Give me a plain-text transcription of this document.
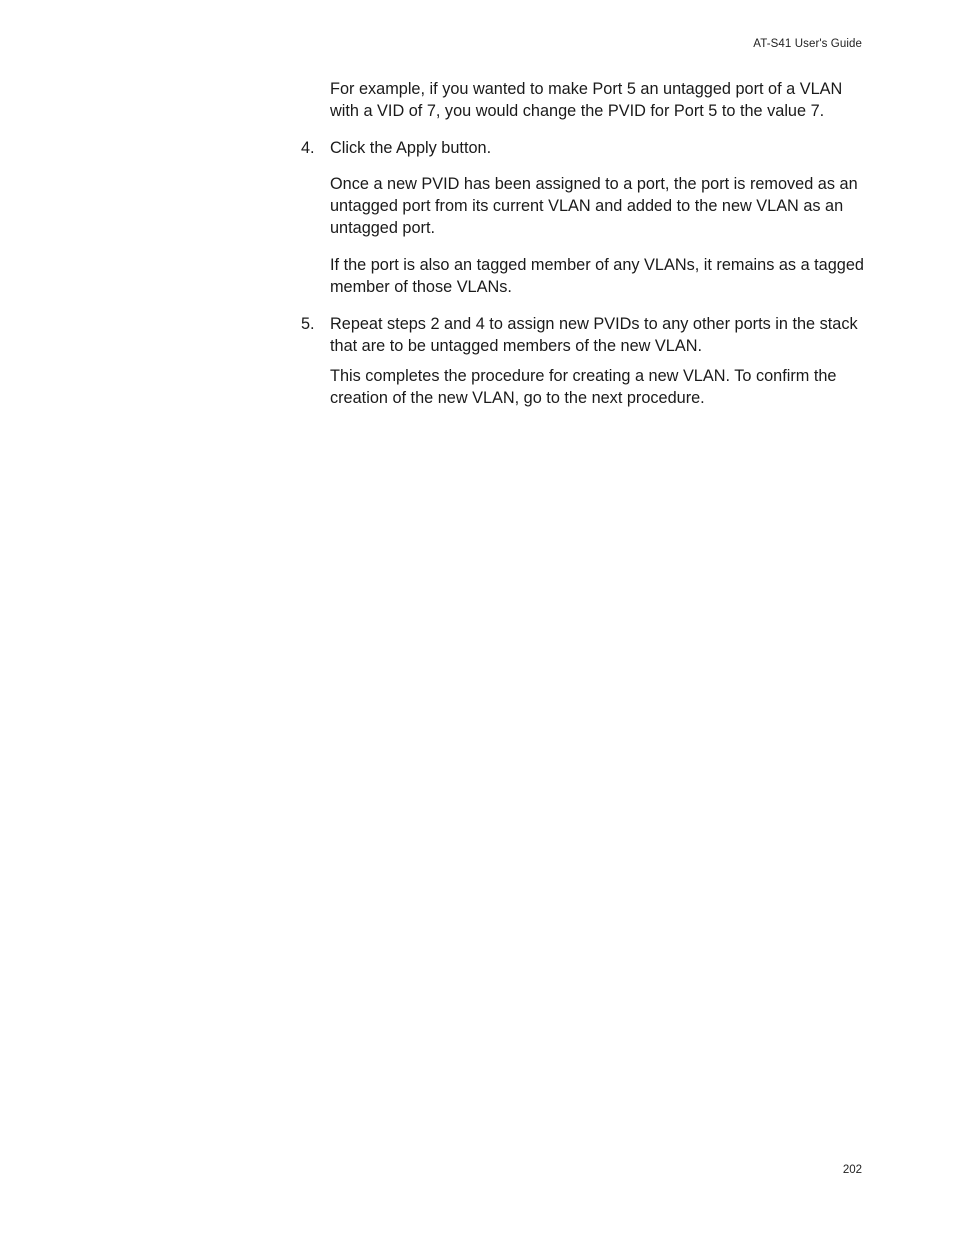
AT-S41 User's Guide

For example, if you wanted to make Port 5 an untagged port of a VLAN with a VID of 7, you would change the PVID for Port 5 to the value 7.

4. Click the Apply button.

Once a new PVID has been assigned to a port, the port is removed as an untagged port from its current VLAN and added to the new VLAN as an untagged port.

If the port is also an tagged member of any VLANs, it remains as a tagged member of those VLANs.

5. Repeat steps 2 and 4 to assign new PVIDs to any other ports in the stack that are to be untagged members of the new VLAN.

This completes the procedure for creating a new VLAN. To confirm the creation of the new VLAN, go to the next procedure.

202
